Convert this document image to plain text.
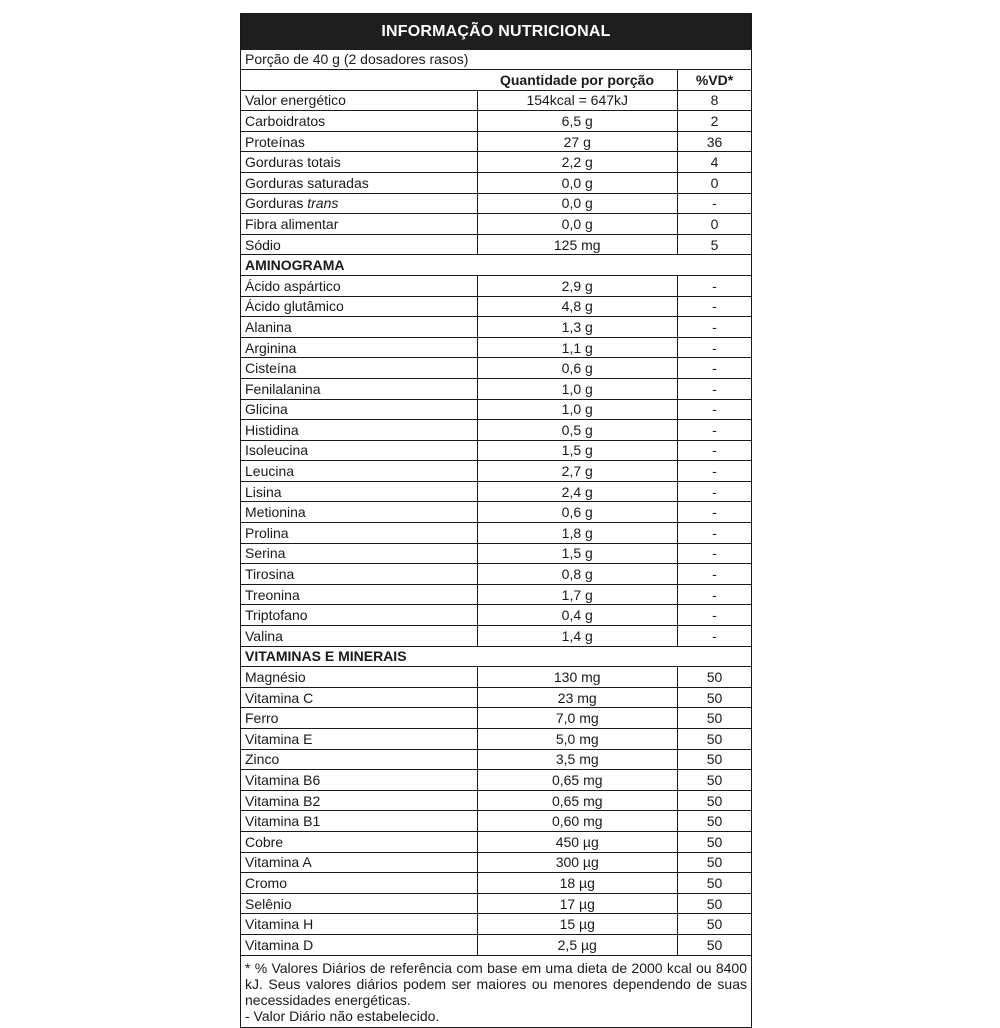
INFORMAÇÃO NUTRICIONAL
Porção de 40 g (2 dosadores rasos)
	Quantidade por porção	%VD*
Valor energético	154kcal = 647kJ	8
Carboidratos	6,5 g	2
Proteínas	27 g	36
Gorduras totais	2,2 g	4
Gorduras saturadas	0,0 g	0
Gorduras trans	0,0 g	-
Fibra alimentar	0,0 g	0
Sódio	125 mg	5
AMINOGRAMA		
Ácido aspártico	2,9 g	-
Ácido glutâmico	4,8 g	-
Alanina	1,3 g	-
Arginina	1,1 g	-
Cisteína	0,6 g	-
Fenilalanina	1,0 g	-
Glicina	1,0 g	-
Histidina	0,5 g	-
Isoleucina	1,5 g	-
Leucina	2,7 g	-
Lisina	2,4 g	-
Metionina	0,6 g	-
Prolina	1,8 g	-
Serina	1,5 g	-
Tirosina	0,8 g	-
Treonina	1,7 g	-
Triptofano	0,4 g	-
Valina	1,4 g	-
VITAMINAS E MINERAIS		
Magnésio	130 mg	50
Vitamina C	23 mg	50
Ferro	7,0 mg	50
Vitamina E	5,0 mg	50
Zinco	3,5 mg	50
Vitamina B6	0,65 mg	50
Vitamina B2	0,65 mg	50
Vitamina B1	0,60 mg	50
Cobre	450 µg	50
Vitamina A	300 µg	50
Cromo	18 µg	50
Selênio	17 µg	50
Vitamina H	15 µg	50
Vitamina D	2,5 µg	50
* % Valores Diários de referência com base em uma dieta de 2000 kcal ou 8400 kJ. Seus valores diários podem ser maiores ou menores dependendo de suas necessidades energéticas.
- Valor Diário não estabelecido.
